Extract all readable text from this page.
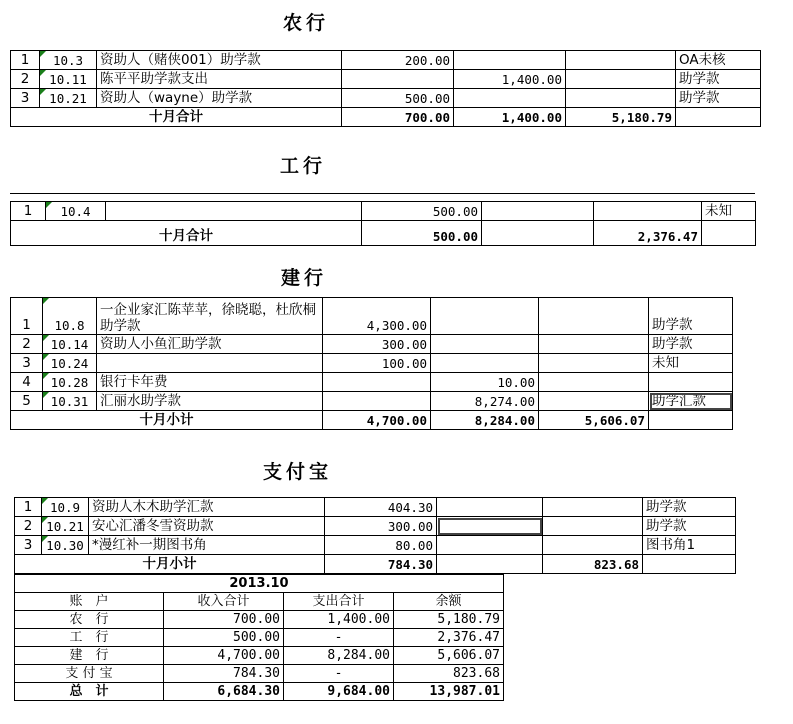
农行
1	10.3	资助人（赌侠001）助学款	200.00			OA未核
2	10.11	陈平平助学款支出		1,400.00		助学款
3	10.21	资助人（wayne）助学款	500.00			助学款
十月合计			700.00	1,400.00	5,180.79	
工行
1	10.4		500.00			未知
十月合计			500.00		2,376.47	
建行
1	10.8	一企业家汇陈苹苹，徐晓聪，杜欣桐助学款	4,300.00			助学款
2	10.14	资助人小鱼汇助学款	300.00			助学款
3	10.24		100.00			未知
4	10.28	银行卡年费		10.00		
5	10.31	汇丽水助学款		8,274.00		助学汇款
十月小计			4,700.00	8,284.00	5,606.07	
支付宝
1	10.9	资助人木木助学汇款	404.30			助学款
2	10.21	安心汇潘冬雪资助款	300.00			助学款
3	10.30	*漫红补一期图书角	80.00			图书角1
十月小计			784.30		823.68	
2013.10			
账　户	收入合计	支出合计	余额
农　行	700.00	1,400.00	5,180.79
工　行	500.00	-	2,376.47
建　行	4,700.00	8,284.00	5,606.07
支 付 宝	784.30	-	823.68
总　计	6,684.30	9,684.00	13,987.01
